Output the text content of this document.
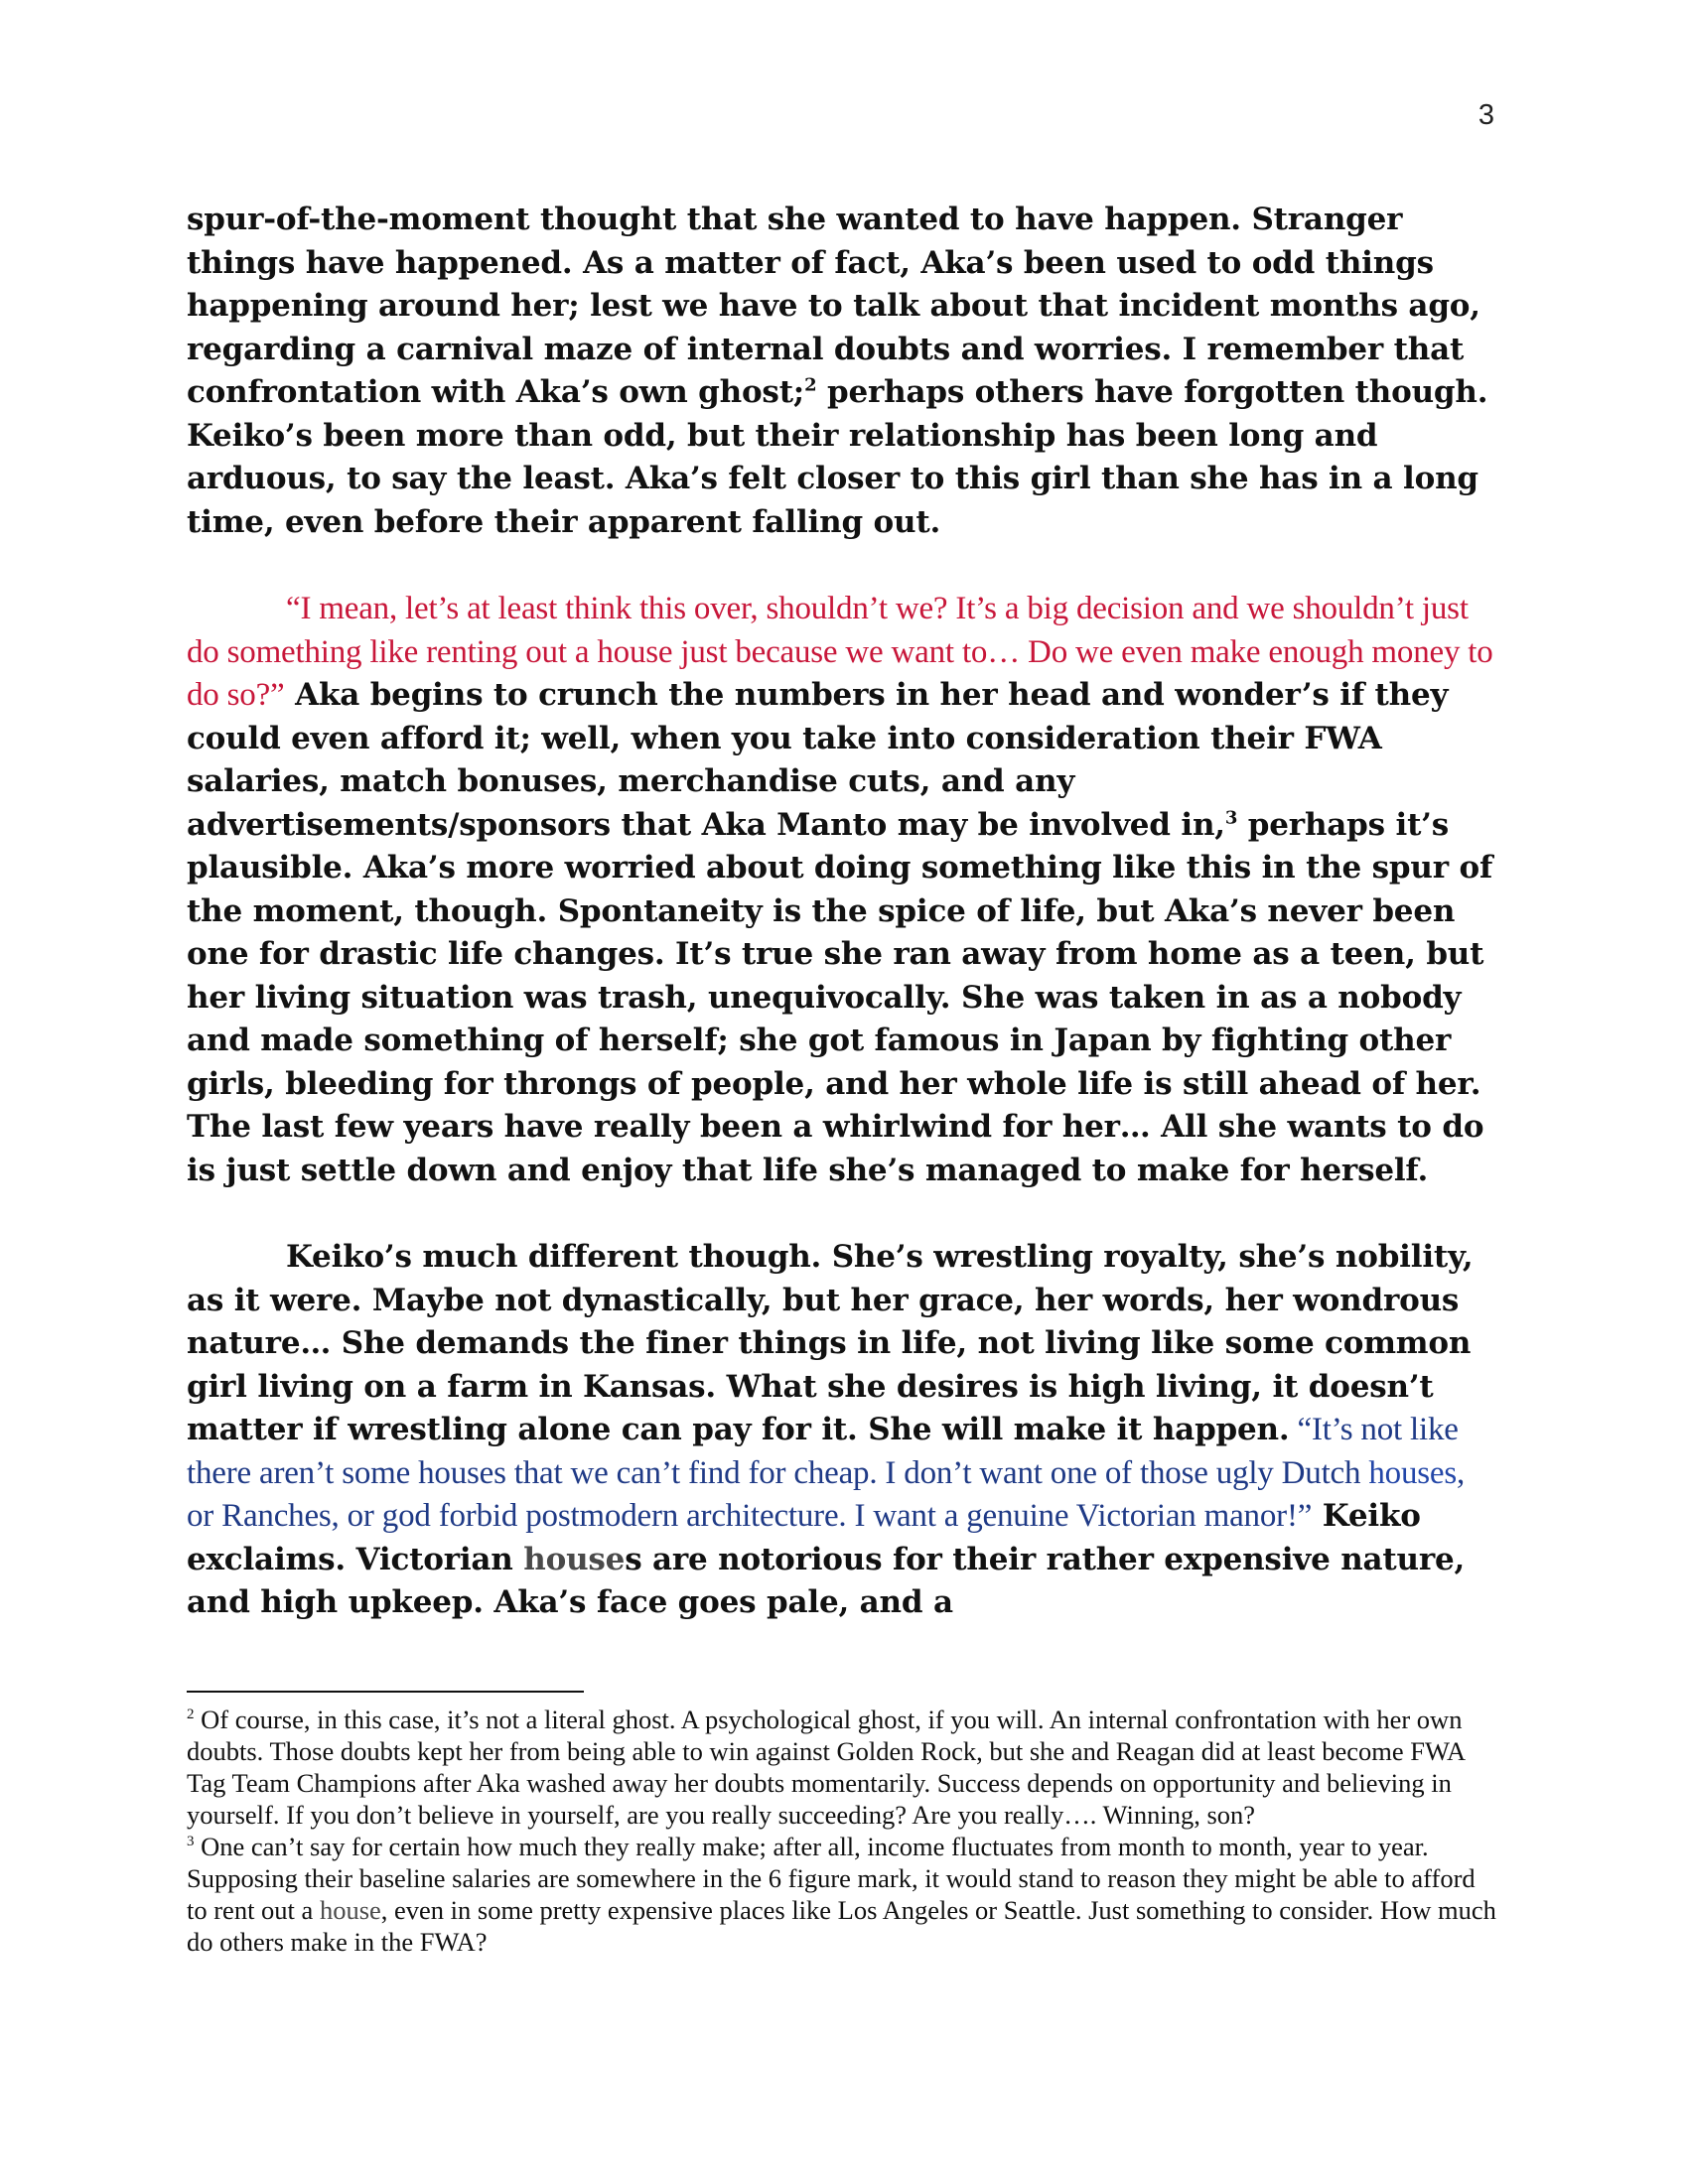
3

spur-of-the-moment thought that she wanted to have happen. Stranger things have happened. As a matter of fact, Aka’s been used to odd things happening around her; lest we have to talk about that incident months ago, regarding a carnival maze of internal doubts and worries. I remember that confrontation with Aka’s own ghost;$^2$ perhaps others have forgotten though. Keiko’s been more than odd, but their relationship has been long and arduous, to say the least. Aka’s felt closer to this girl than she has in a long time, even before their apparent falling out.

“I mean, let’s at least think this over, shouldn’t we? It’s a big decision and we shouldn’t just do something like renting out a house just because we want to… Do we even make enough money to do so?” Aka begins to crunch the numbers in her head and wonder’s if they could even afford it; well, when you take into consideration their FWA salaries, match bonuses, merchandise cuts, and any advertisements/sponsors that Aka Manto may be involved in,$^3$ perhaps it’s plausible. Aka’s more worried about doing something like this in the spur of the moment, though. Spontaneity is the spice of life, but Aka’s never been one for drastic life changes. It’s true she ran away from home as a teen, but her living situation was trash, unequivocally. She was taken in as a nobody and made something of herself; she got famous in Japan by fighting other girls, bleeding for throngs of people, and her whole life is still ahead of her. The last few years have really been a whirlwind for her… All she wants to do is just settle down and enjoy that life she’s managed to make for herself.

Keiko’s much different though. She’s wrestling royalty, she’s nobility, as it were. Maybe not dynastically, but her grace, her words, her wondrous nature… She demands the finer things in life, not living like some common girl living on a farm in Kansas. What she desires is high living, it doesn’t matter if wrestling alone can pay for it. She will make it happen. “It’s not like there aren’t some houses that we can’t find for cheap. I don’t want one of those ugly Dutch houses, or Ranches, or god forbid postmodern architecture. I want a genuine Victorian manor!” Keiko exclaims. Victorian houses are notorious for their rather expensive nature, and high upkeep. Aka’s face goes pale, and a

$^2$ Of course, in this case, it’s not a literal ghost. A psychological ghost, if you will. An internal confrontation with her own doubts. Those doubts kept her from being able to win against Golden Rock, but she and Reagan did at least become FWA Tag Team Champions after Aka washed away her doubts momentarily. Success depends on opportunity and believing in yourself. If you don’t believe in yourself, are you really succeeding? Are you really…. Winning, son?

$^3$ One can’t say for certain how much they really make; after all, income fluctuates from month to month, year to year. Supposing their baseline salaries are somewhere in the 6 figure mark, it would stand to reason they might be able to afford to rent out a house, even in some pretty expensive places like Los Angeles or Seattle. Just something to consider. How much do others make in the FWA?
